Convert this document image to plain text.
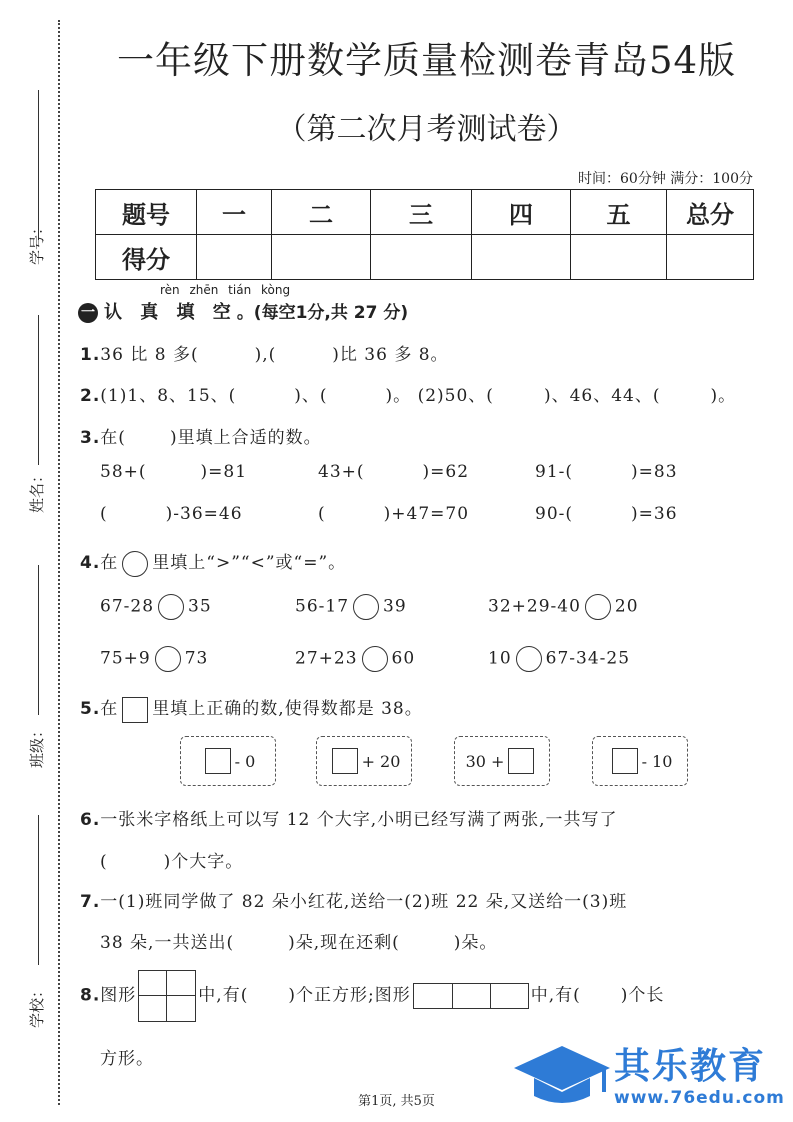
学号：
姓名：
班级：
学校：
一年级下册数学质量检测卷青岛54版
（第二次月考测试卷）
时间：60分钟 满分：100分
题号	一	二	三	四	五	总分
得分						
rèn zhēn tián kòng
一 认 真 填 空。(每空1分,共 27 分)
1.36 比 8 多(	),(	)比 36 多 8。
2.(1)1、8、15、(	)、(	)。 (2)50、(	)、46、44、(	)。
3.在(	)里填上合适的数。
58+(	)=81	43+(	)=62	91-(	)=83
(	)-36=46	(	)+47=70	90-(	)=36
4.在 里填上“>”“<”或“=”。
67-28 35	56-17 39	32+29-40 20
75+9 73	27+23 60	10 67-34-25
5.在 里填上正确的数,使得数都是 38。
- 0	+ 20	30 +	- 10
6.一张米字格纸上可以写 12 个大字,小明已经写满了两张,一共写了
(	)个大字。
7.一(1)班同学做了 82 朵小红花,送给一(2)班 22 朵,又送给一(3)班
38 朵,一共送出(	)朵,现在还剩(	)朵。
8.图形	中,有( )个正方形;图形	中,有( )个长
方形。
第1页, 共5页
其乐教育
www.76edu.com
